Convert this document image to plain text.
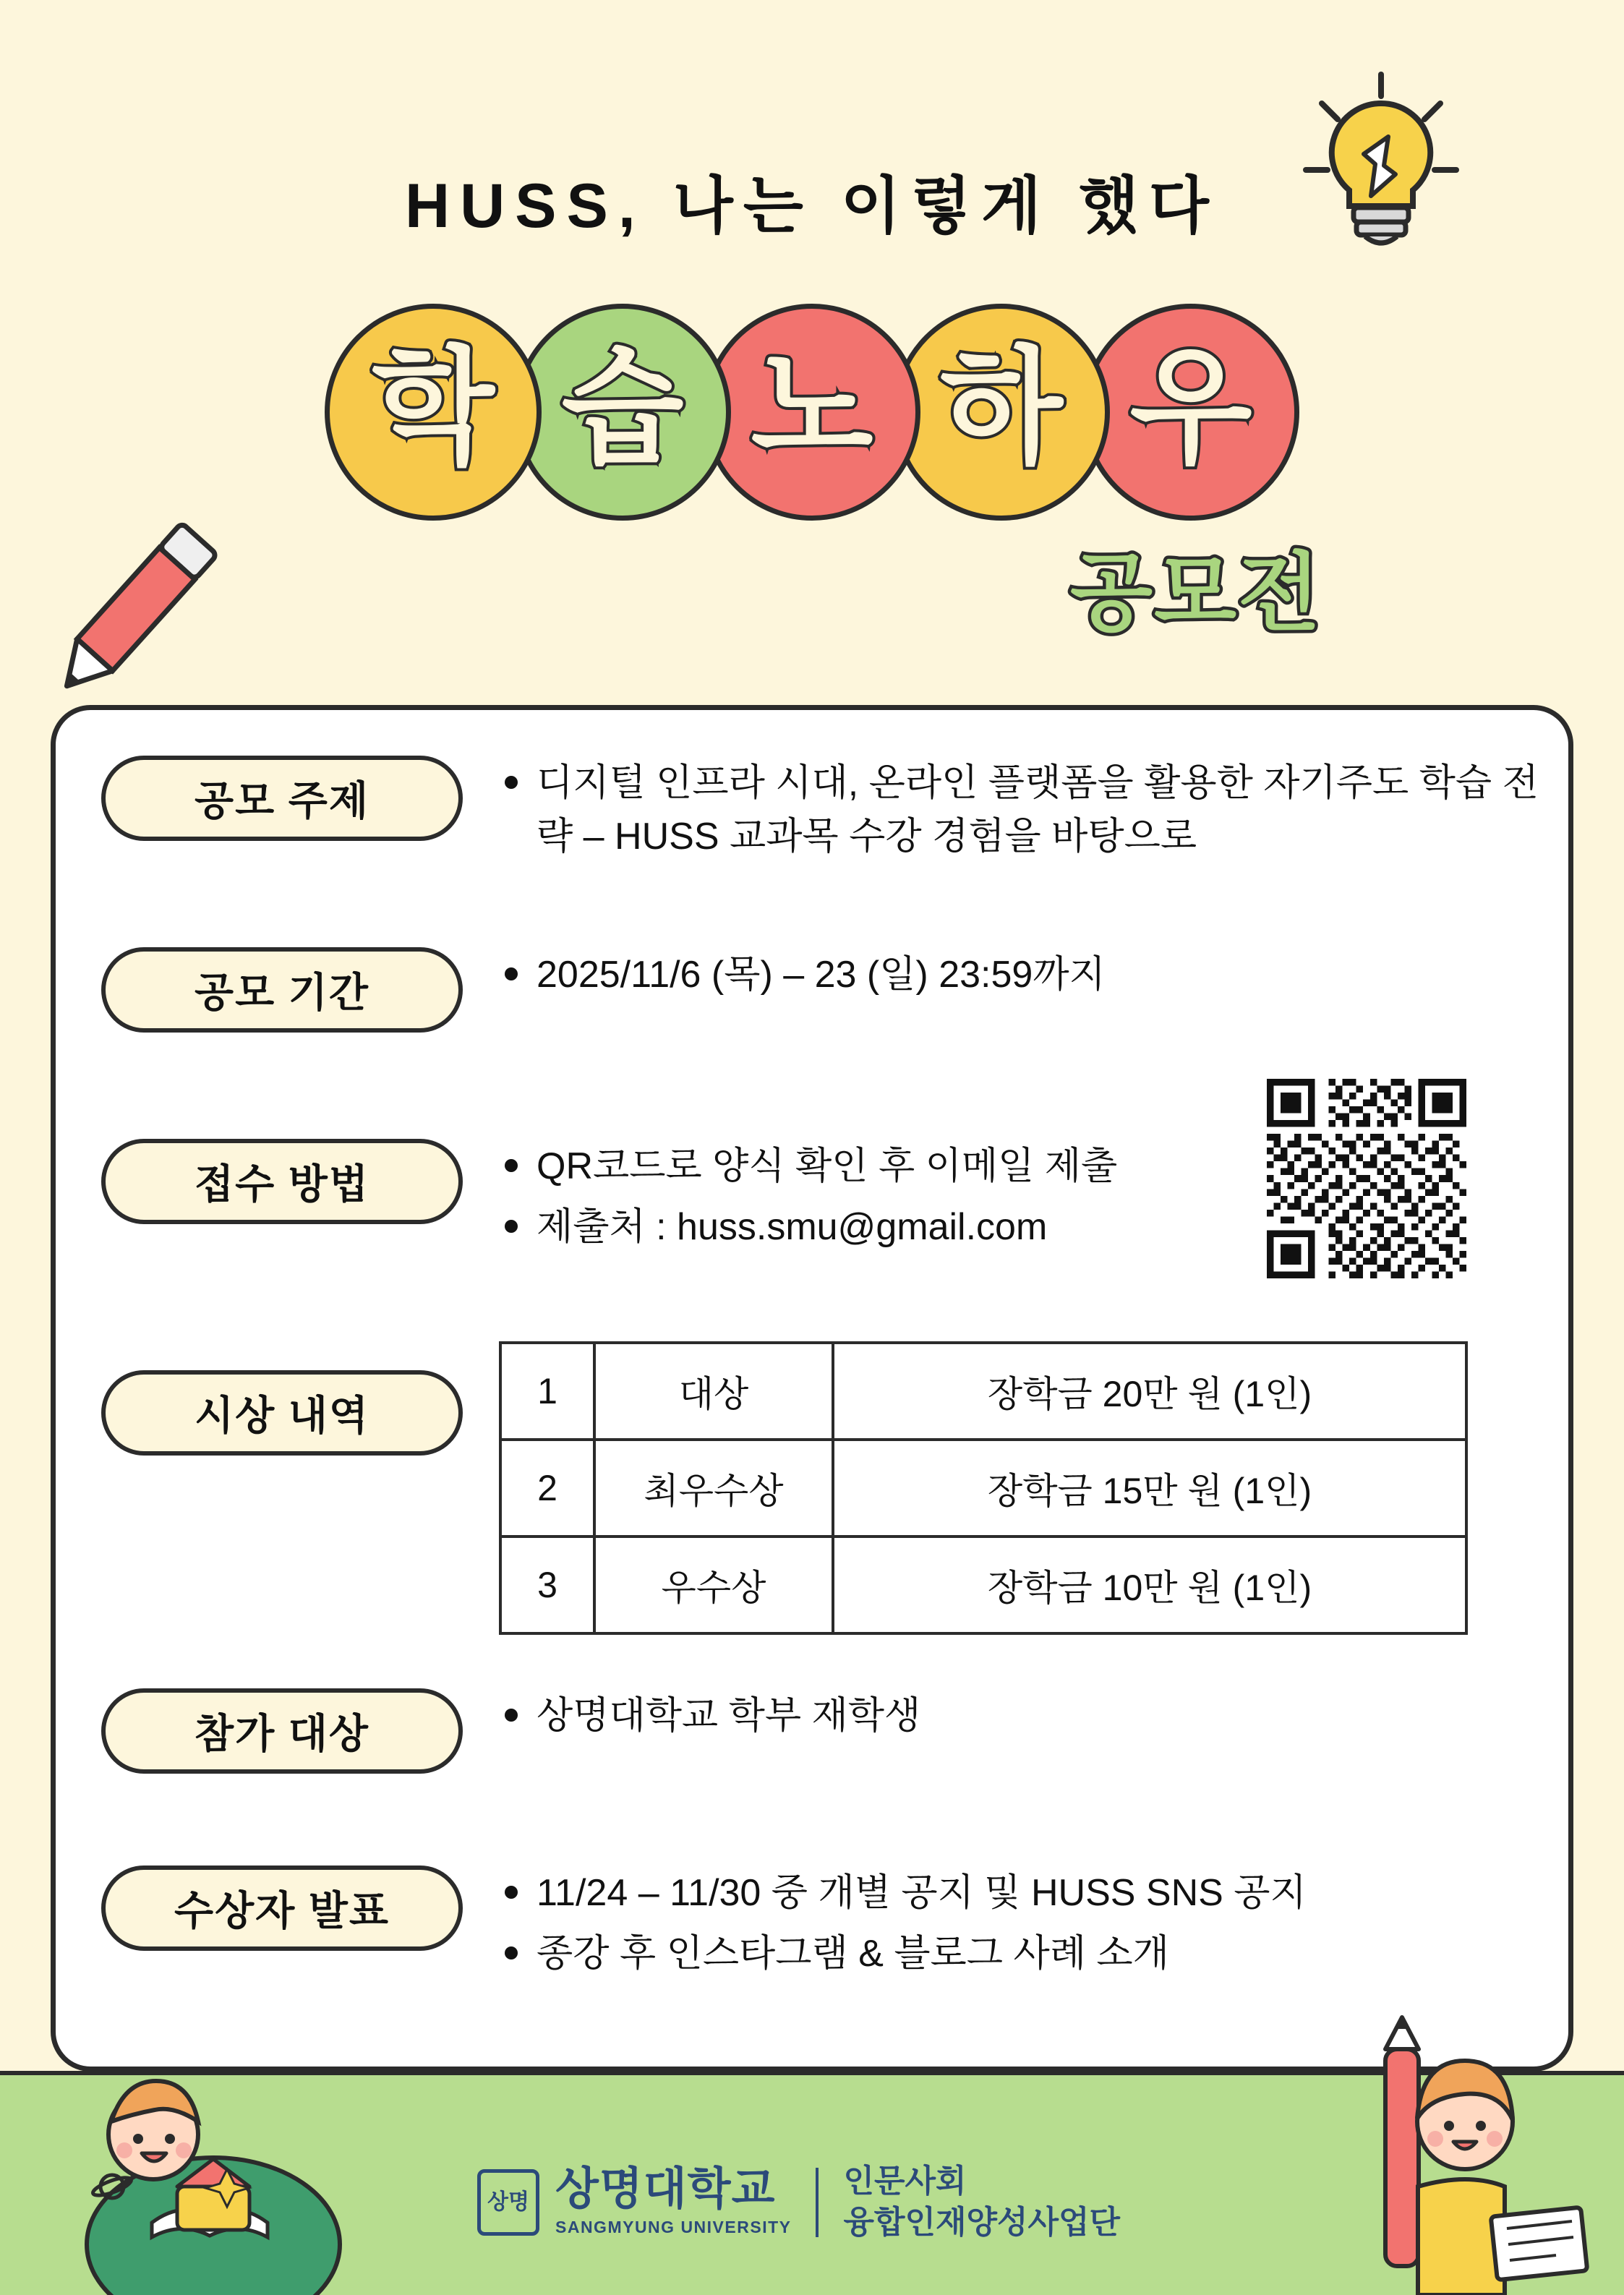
HUSS, 나는 이렇게 했다
학 습 노 하 우
공모전
공모 주제	디지털 인프라 시대, 온라인 플랫폼을 활용한 자기주도 학습 전략 – HUSS 교과목 수강 경험을 바탕으로
공모 기간	2025/11/6 (목) – 23 (일) 23:59까지
접수 방법	QR코드로 양식 확인 후 이메일 제출
제출처 : huss.smu@gmail.com
시상 내역
1	대상	장학금 20만 원 (1인)
2	최우수상	장학금 15만 원 (1인)
3	우수상	장학금 10만 원 (1인)
참가 대상	상명대학교 학부 재학생
수상자 발표	11/24 – 11/30 중 개별 공지 및 HUSS SNS 공지
종강 후 인스타그램 & 블로그 사례 소개
상명 상명대학교
SANGMYUNG UNIVERSITY
인문사회
융합인재양성사업단
